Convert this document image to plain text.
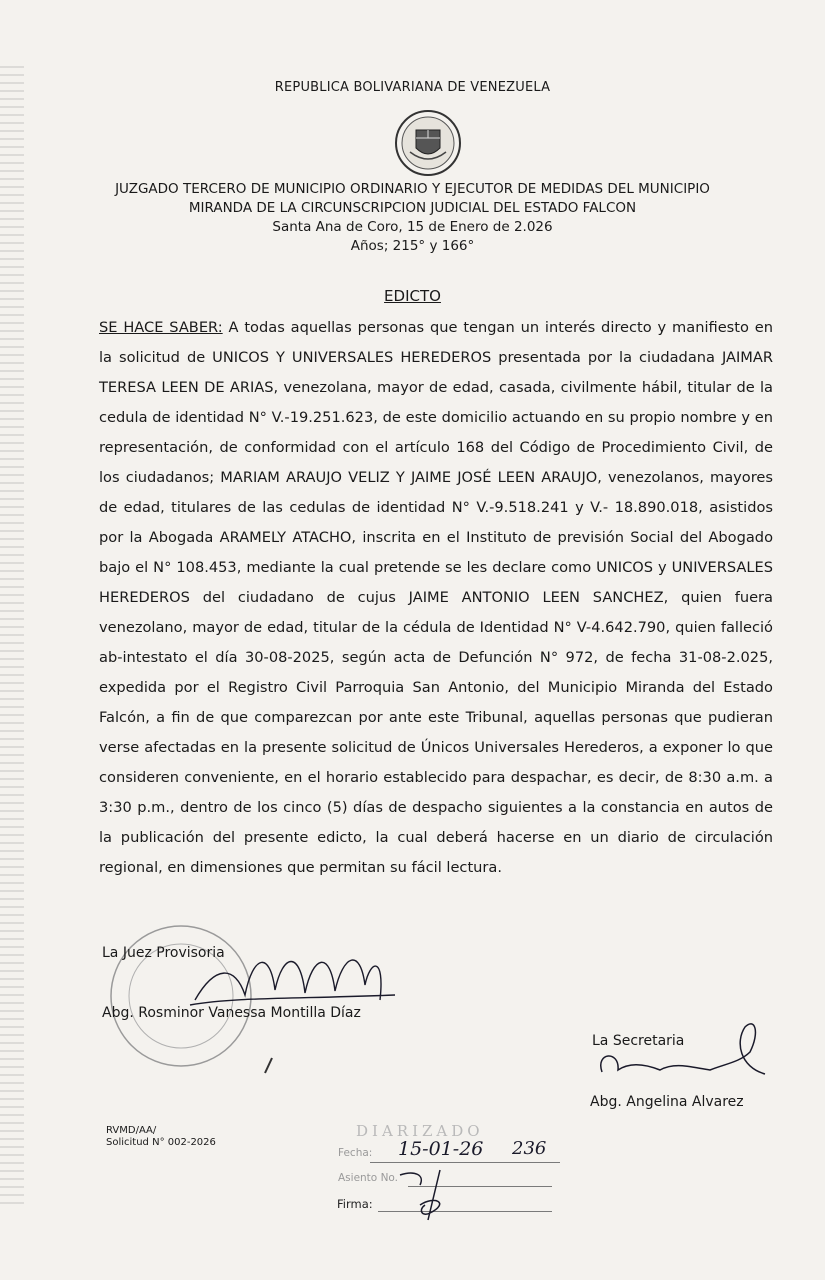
REPUBLICA BOLIVARIANA DE VENEZUELA
JUZGADO TERCERO DE MUNICIPIO ORDINARIO Y EJECUTOR DE MEDIDAS DEL MUNICIPIO
MIRANDA DE LA CIRCUNSCRIPCION JUDICIAL DEL ESTADO FALCON
Santa Ana de Coro, 15 de Enero de 2.026
Años; 215° y 166°
EDICTO
SE HACE SABER: A todas aquellas personas que tengan un interés directo y manifiesto en la solicitud de UNICOS Y UNIVERSALES HEREDEROS presentada por la ciudadana JAIMAR TERESA LEEN DE ARIAS, venezolana, mayor de edad, casada, civilmente hábil, titular de la cedula de identidad N° V.-19.251.623, de este domicilio actuando en su propio nombre y en representación, de conformidad con el artículo 168 del Código de Procedimiento Civil, de los ciudadanos; MARIAM ARAUJO VELIZ Y JAIME JOSÉ LEEN ARAUJO, venezolanos, mayores de edad, titulares de las cedulas de identidad N° V.-9.518.241 y V.- 18.890.018, asistidos por la Abogada ARAMELY ATACHO, inscrita en el Instituto de previsión Social del Abogado bajo el N° 108.453, mediante la cual pretende se les declare como UNICOS y UNIVERSALES HEREDEROS del ciudadano de cujus JAIME ANTONIO LEEN SANCHEZ, quien fuera venezolano, mayor de edad, titular de la cédula de Identidad N° V-4.642.790, quien falleció ab-intestato el día 30-08-2025, según acta de Defunción N° 972, de fecha 31-08-2.025, expedida por el Registro Civil Parroquia San Antonio, del Municipio Miranda del Estado Falcón, a fin de que comparezcan por ante este Tribunal, aquellas personas que pudieran verse afectadas en la presente solicitud de Únicos Universales Herederos, a exponer lo que consideren conveniente, en el horario establecido para despachar, es decir, de 8:30 a.m. a 3:30 p.m., dentro de los cinco (5) días de despacho siguientes a la constancia en autos de la publicación del presente edicto, la cual deberá hacerse en un diario de circulación regional, en dimensiones que permitan su fácil lectura.
La Juez Provisoria
Abg. Rosminor Vanessa Montilla Díaz
La Secretaria
Abg. Angelina Alvarez
RVMD/AA/
Solicitud N° 002-2026
DIARIZADO
Fecha: 15-01-26 236
Asiento No.
Firma:
